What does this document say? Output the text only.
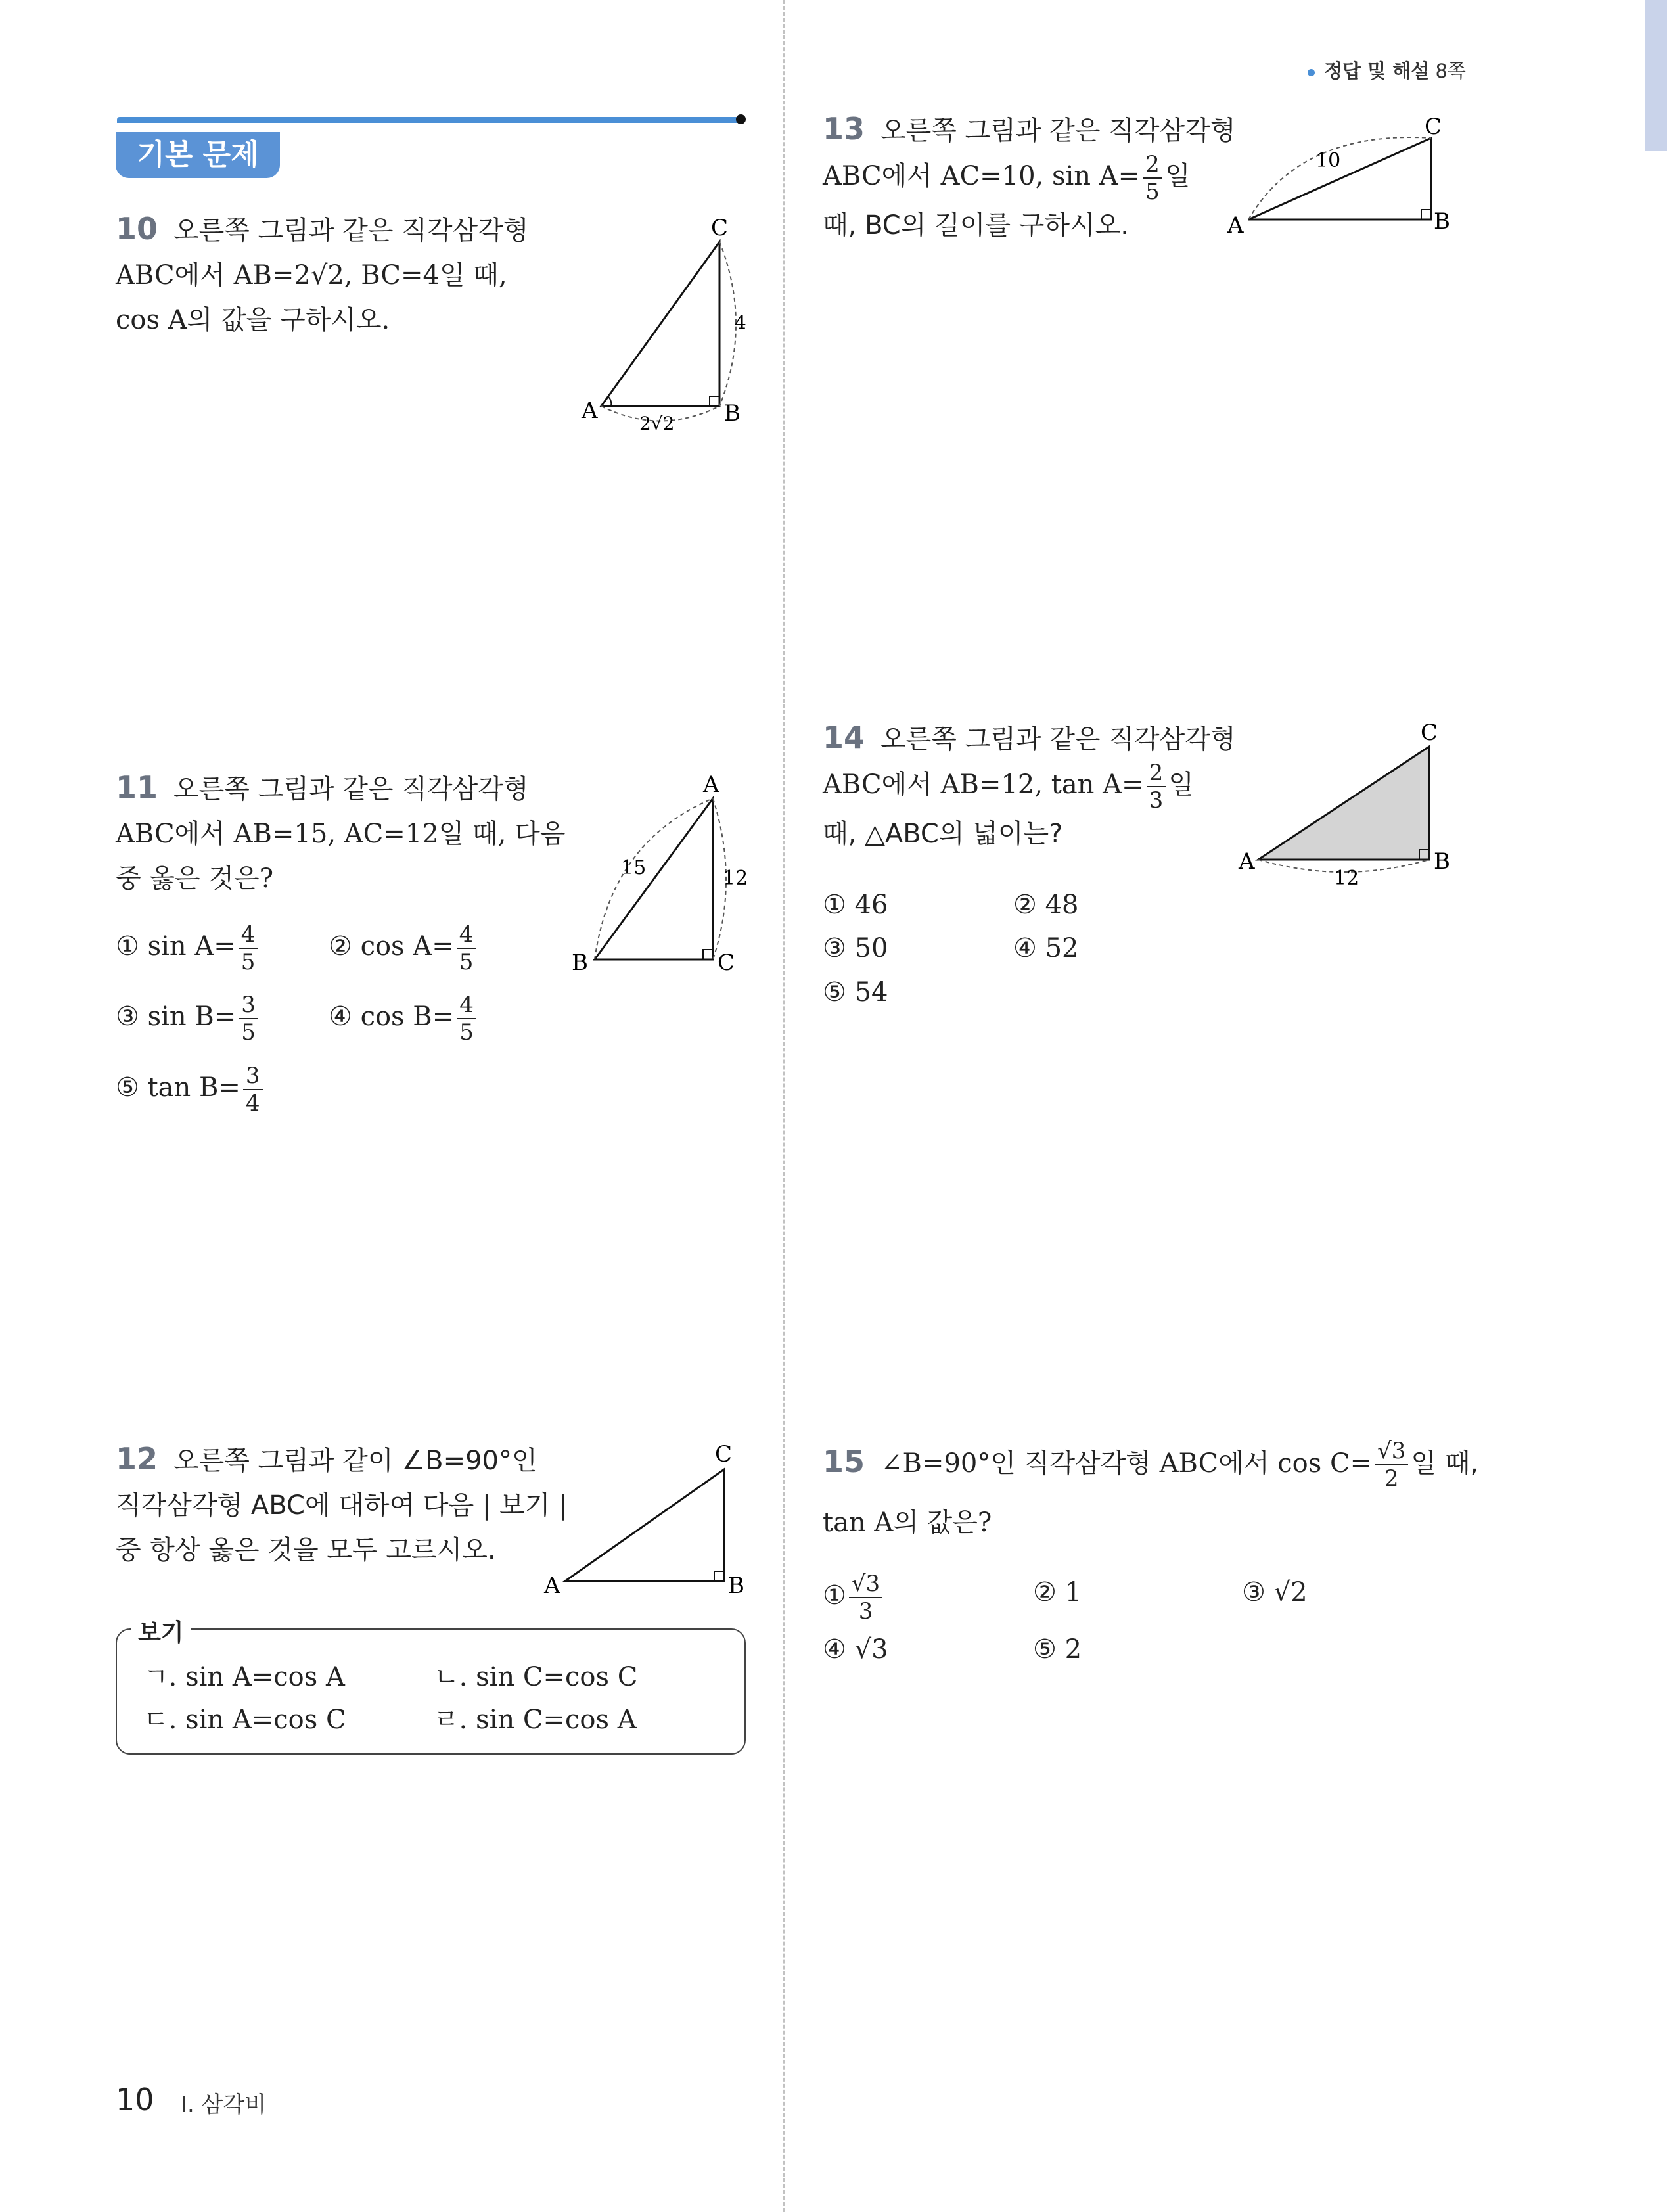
정답 및 해설 8쪽
기본 문제
10 오른쪽 그림과 같은 직각삼각형
ABC에서 AB=2√2, BC=4일 때,
cos A의 값을 구하시오.
C
A	B
4
2√2
11 오른쪽 그림과 같은 직각삼각형
ABC에서 AB=15, AC=12일 때, 다음
중 옳은 것은?
① $\sin A= \frac{4}{5}$	② $\cos A= \frac{4}{5}$
③ $\sin B= \frac{3}{5}$	④ $\cos B= \frac{4}{5}$
⑤ $\tan B= \frac{3}{4}$
A
B	C
15	12
12 오른쪽 그림과 같이 ∠B=90°인
직각삼각형 ABC에 대하여 다음 | 보기 |
중 항상 옳은 것을 모두 고르시오.
C
A	B
보기
ㄱ. sin A=cos A	ㄴ. sin C=cos C
ㄷ. sin A=cos C	ㄹ. sin C=cos A
13 오른쪽 그림과 같은 직각삼각형
ABC에서 AC=10, $\sin A= \frac{2}{5}$ 일
때, BC의 길이를 구하시오.
C
A	B
10
14 오른쪽 그림과 같은 직각삼각형
ABC에서 AB=12, $\tan A= \frac{2}{3}$ 일
때, △ABC의 넓이는?
① 46	② 48
③ 50	④ 52
⑤ 54
C
A	B
12
15 ∠B=90°인 직각삼각형 ABC에서 $\cos C= \frac{√3}{2}$ 일 때,
tan A의 값은?
① $\frac{√3}{3}$	② 1	③ √2
④ √3	⑤ 2
10 Ⅰ. 삼각비
